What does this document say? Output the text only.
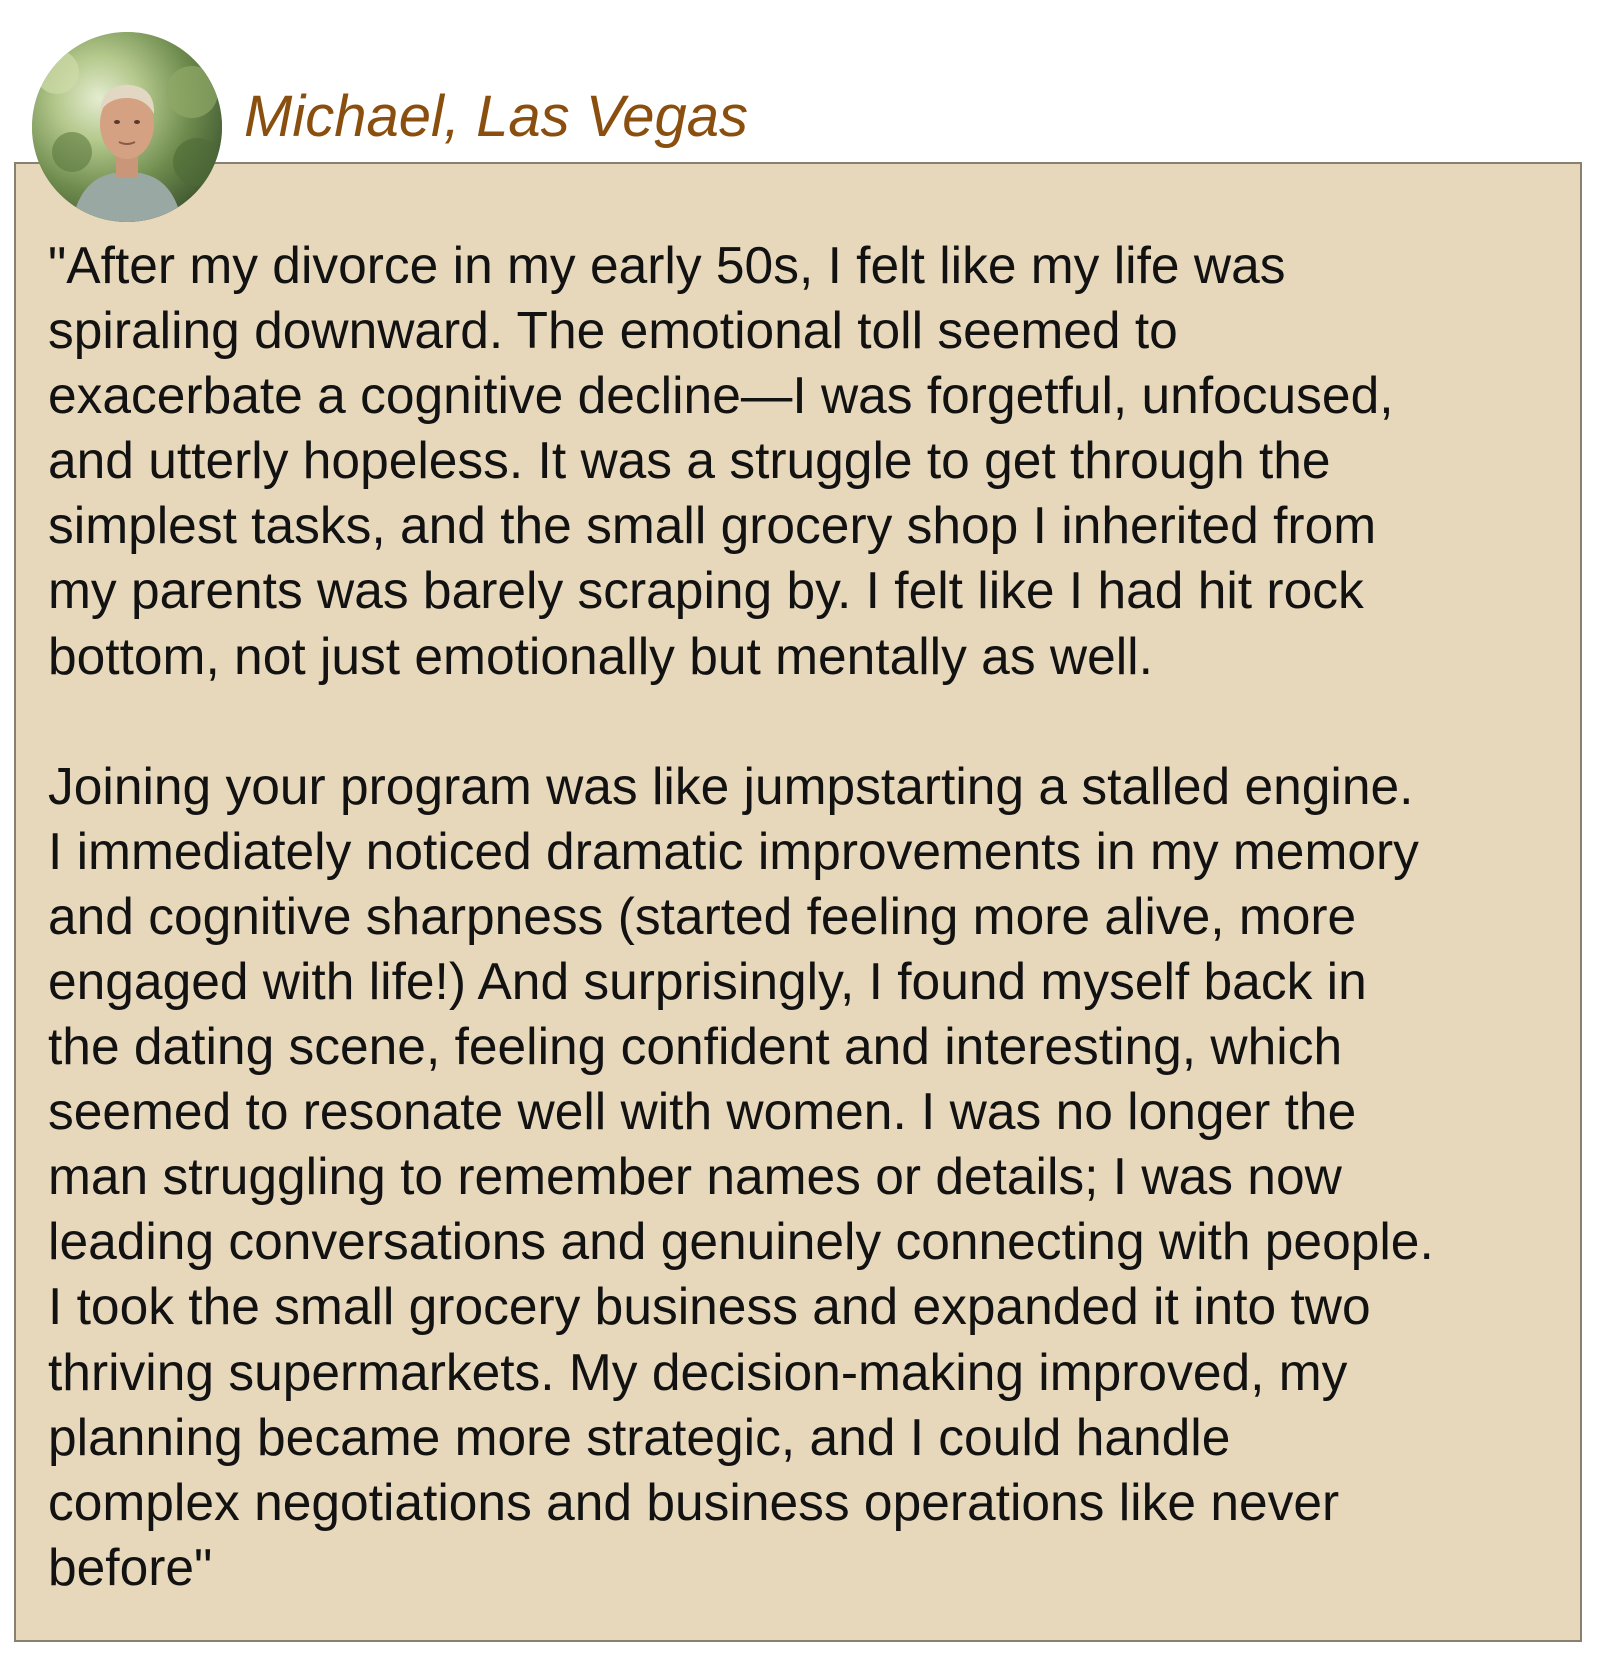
Michael, Las Vegas

"After my divorce in my early 50s, I felt like my life was
spiraling downward. The emotional toll seemed to
exacerbate a cognitive decline—I was forgetful, unfocused,
and utterly hopeless. It was a struggle to get through the
simplest tasks, and the small grocery shop I inherited from
my parents was barely scraping by. I felt like I had hit rock
bottom, not just emotionally but mentally as well.

Joining your program was like jumpstarting a stalled engine.
I immediately noticed dramatic improvements in my memory
and cognitive sharpness (started feeling more alive, more
engaged with life!) And surprisingly, I found myself back in
the dating scene, feeling confident and interesting, which
seemed to resonate well with women. I was no longer the
man struggling to remember names or details; I was now
leading conversations and genuinely connecting with people.
I took the small grocery business and expanded it into two
thriving supermarkets. My decision-making improved, my
planning became more strategic, and I could handle
complex negotiations and business operations like never
before"
